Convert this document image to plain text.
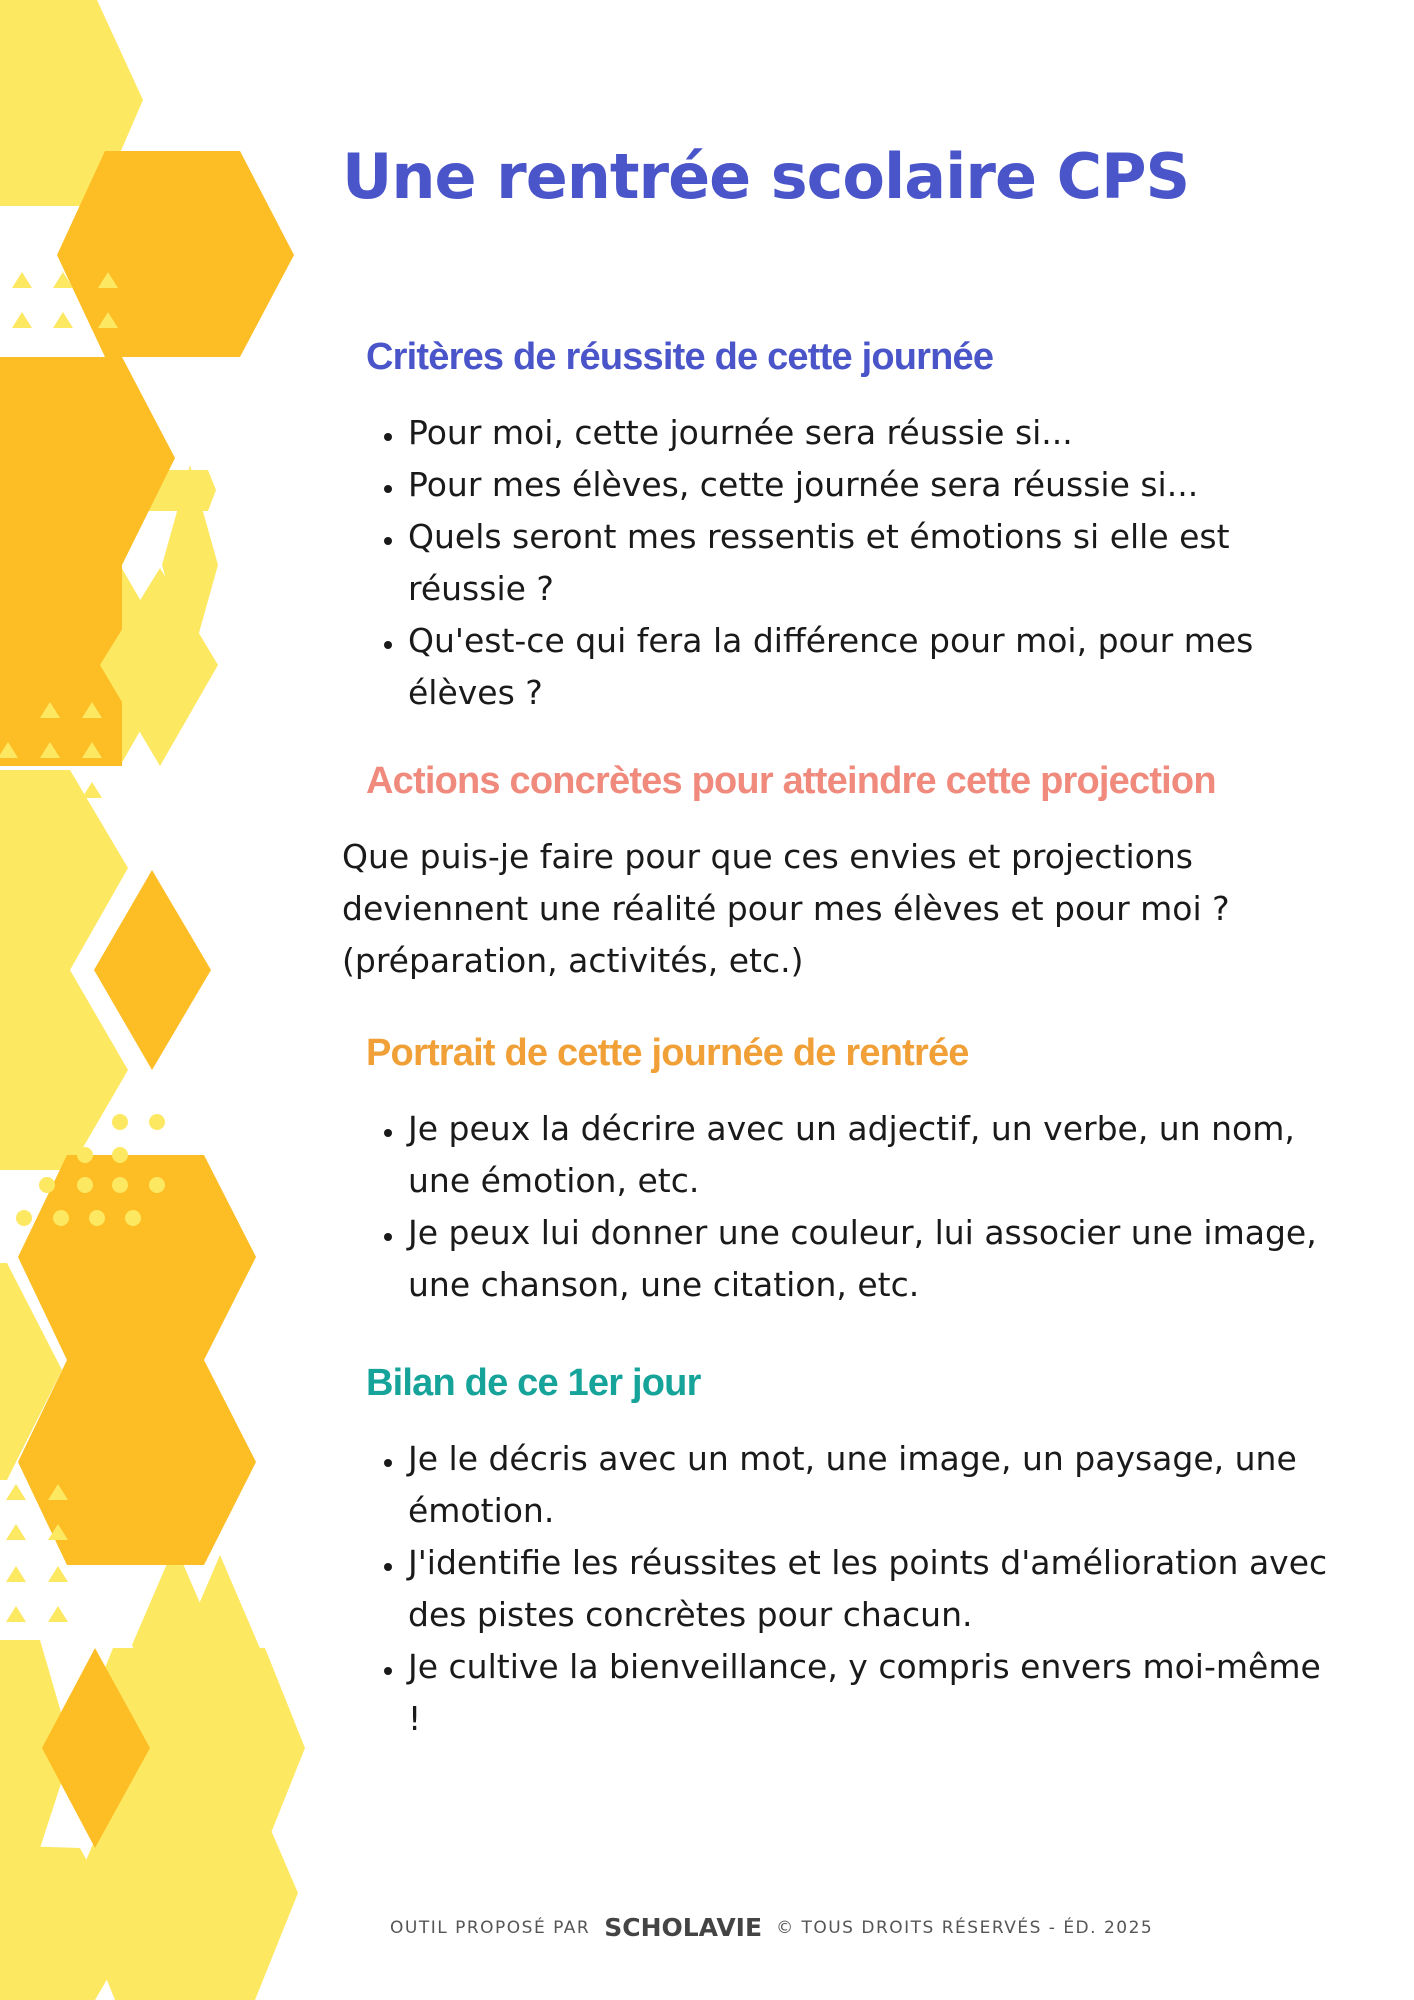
Une rentrée scolaire CPS
Critères de réussite de cette journée
• Pour moi, cette journée sera réussie si...
• Pour mes élèves, cette journée sera réussie si...
• Quels seront mes ressentis et émotions si elle est réussie ?
• Qu'est-ce qui fera la différence pour moi, pour mes élèves ?
Actions concrètes pour atteindre cette projection

Que puis-je faire pour que ces envies et projections deviennent une réalité pour mes élèves et pour moi ? (préparation, activités, etc.)

Portrait de cette journée de rentrée
• Je peux la décrire avec un adjectif, un verbe, un nom, une émotion, etc.
• Je peux lui donner une couleur, lui associer une image, une chanson, une citation, etc.
Bilan de ce 1er jour
• Je le décris avec un mot, une image, un paysage, une émotion.
• J'identifie les réussites et les points d'amélioration avec des pistes concrètes pour chacun.
• Je cultive la bienveillance, y compris envers moi-même !
OUTIL PROPOSÉ PAR SCHOLAVIE © TOUS DROITS RÉSERVÉS - ÉD. 2025
